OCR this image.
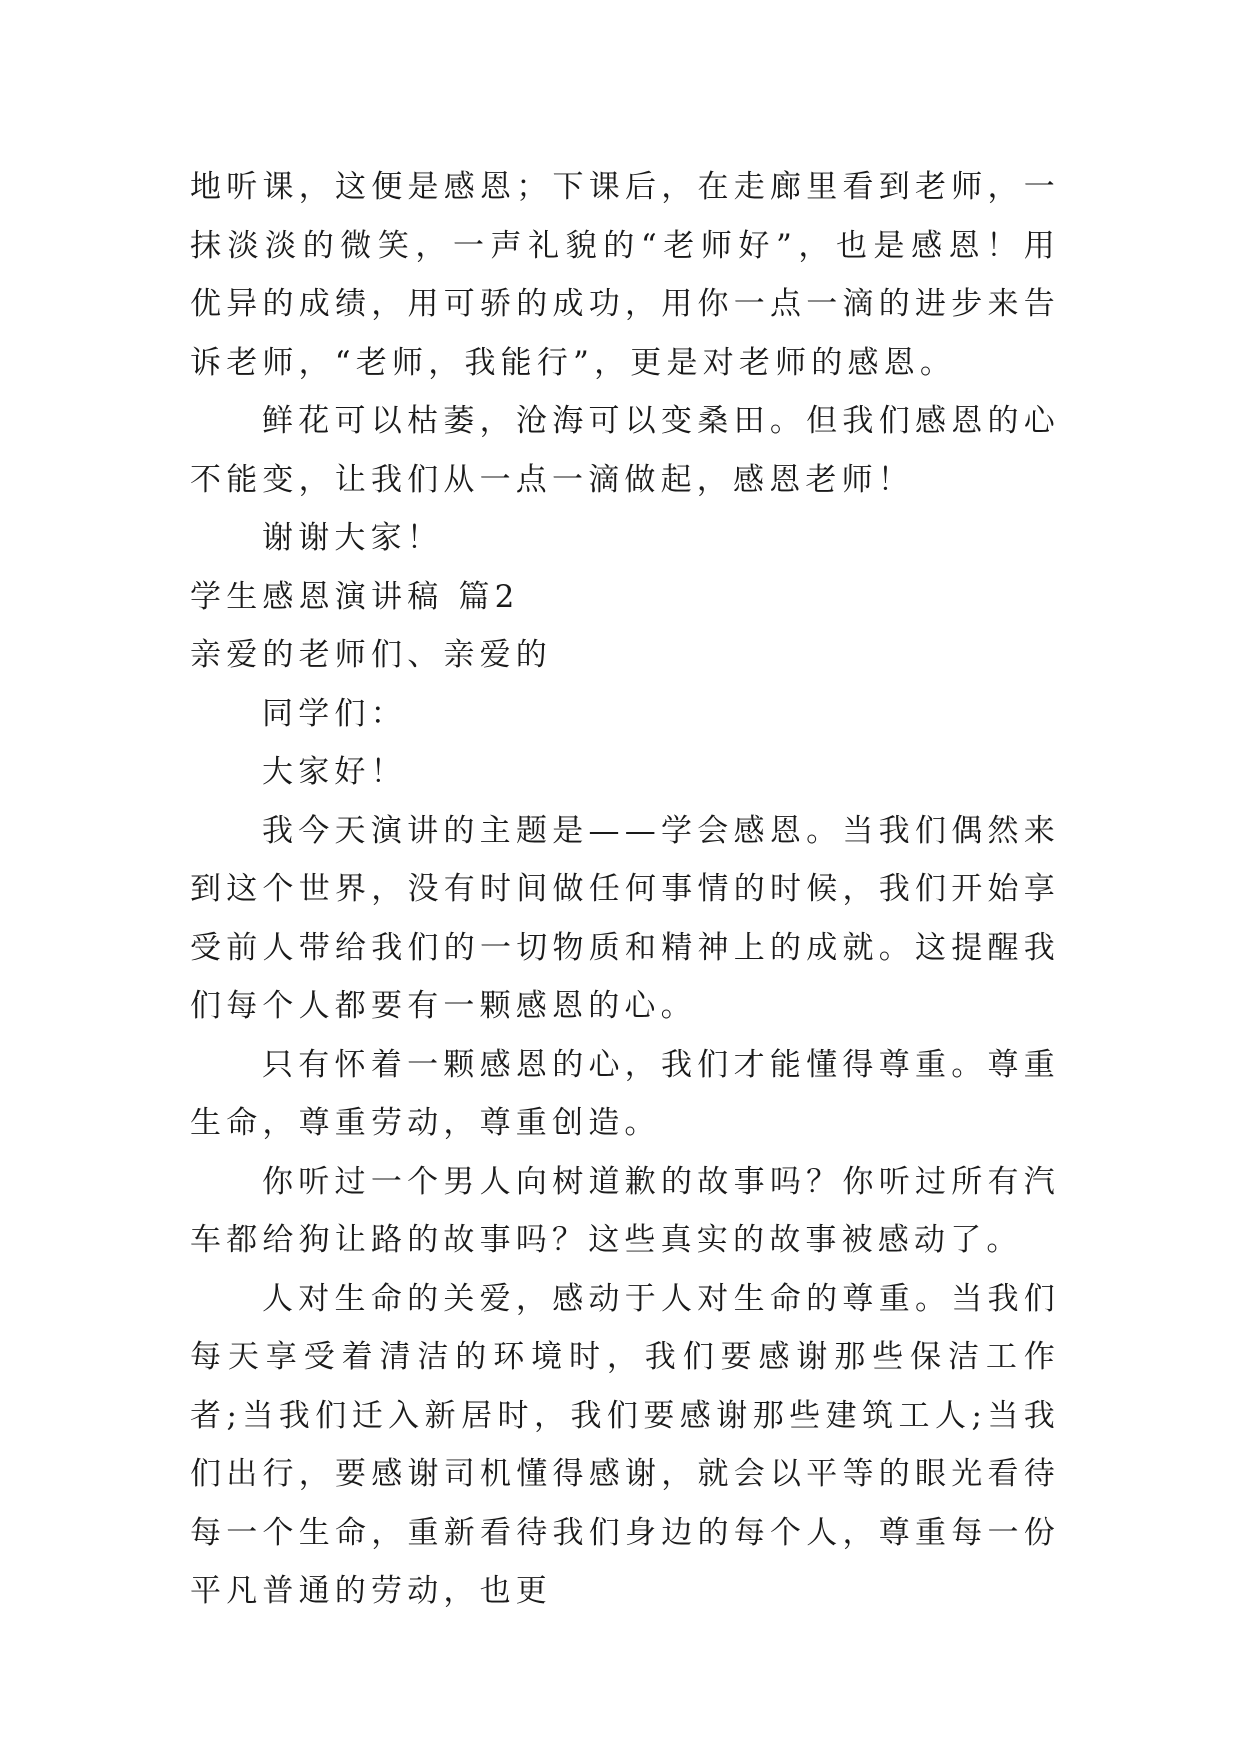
地听课，这便是感恩；下课后，在走廊里看到老师，一抹淡淡的微笑，一声礼貌的“老师好”，也是感恩！用优异的成绩，用可骄的成功，用你一点一滴的进步来告诉老师，“老师，我能行”，更是对老师的感恩。

鲜花可以枯萎，沧海可以变桑田。但我们感恩的心不能变，让我们从一点一滴做起，感恩老师！

谢谢大家！

学生感恩演讲稿 篇2

亲爱的老师们、亲爱的

同学们：

大家好！

我今天演讲的主题是——学会感恩。当我们偶然来到这个世界，没有时间做任何事情的时候，我们开始享受前人带给我们的一切物质和精神上的成就。这提醒我们每个人都要有一颗感恩的心。

只有怀着一颗感恩的心，我们才能懂得尊重。尊重生命，尊重劳动，尊重创造。

你听过一个男人向树道歉的故事吗？你听过所有汽车都给狗让路的故事吗？这些真实的故事被感动了。

人对生命的关爱，感动于人对生命的尊重。当我们每天享受着清洁的环境时，我们要感谢那些保洁工作者;当我们迁入新居时，我们要感谢那些建筑工人;当我们出行，要感谢司机懂得感谢，就会以平等的眼光看待每一个生命，重新看待我们身边的每个人，尊重每一份平凡普通的劳动，也更
